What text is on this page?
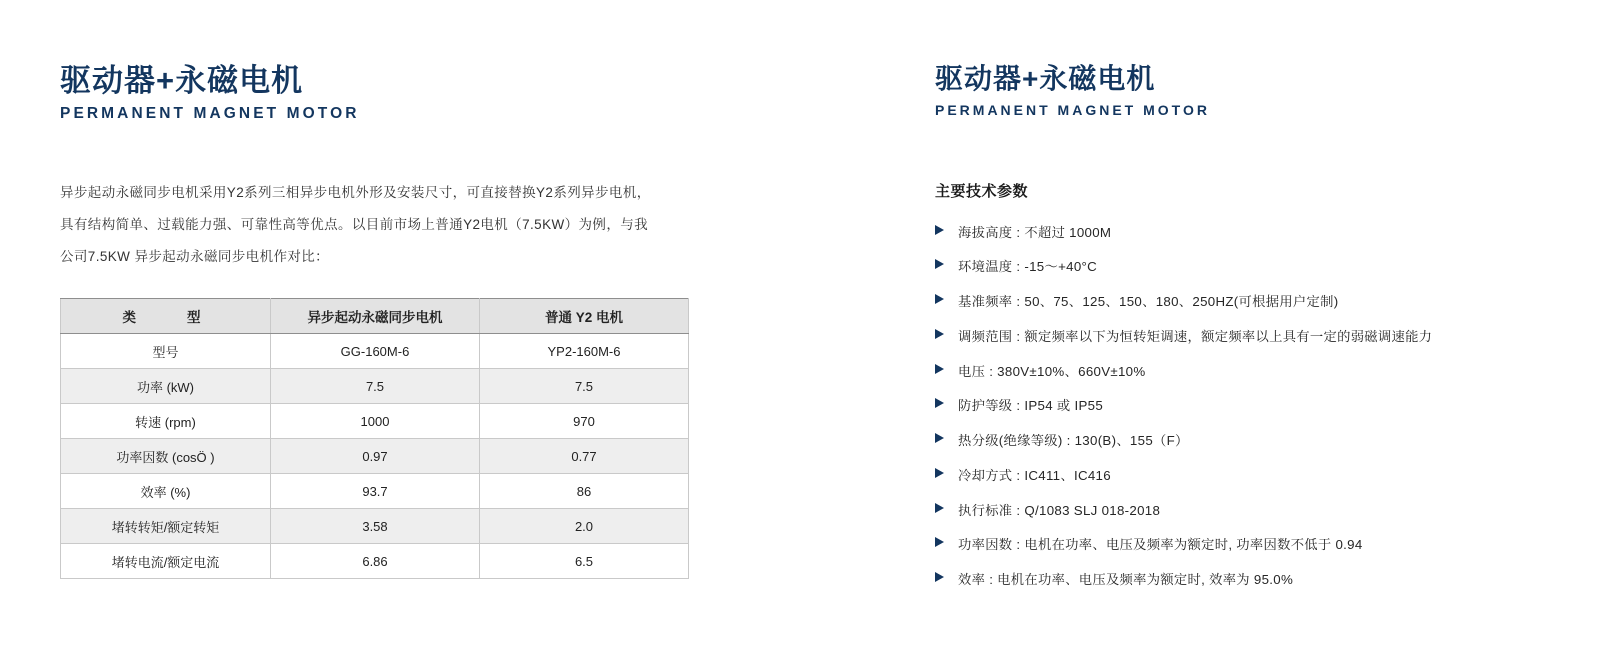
驱动器+永磁电机
PERMANENT MAGNET MOTOR

异步起动永磁同步电机采用Y2系列三相异步电机外形及安装尺寸，可直接替换Y2系列异步电机，具有结构简单、过载能力强、可靠性高等优点。以目前市场上普通Y2电机（7.5KW）为例，与我公司7.5KW 异步起动永磁同步电机作对比：

类　　型	异步起动永磁同步电机	普通 Y2 电机
型号	GG-160M-6	YP2-160M-6
功率 (kW)	7.5	7.5
转速 (rpm)	1000	970
功率因数 (cosÖ )	0.97	0.77
效率 (%)	93.7	86
堵转转矩/额定转矩	3.58	2.0
堵转电流/额定电流	6.86	6.5
驱动器+永磁电机
PERMANENT MAGNET MOTOR
主要技术参数
海拔高度 : 不超过 1000M
环境温度 : -15～+40°C
基准频率 : 50、75、125、150、180、250HZ(可根据用户定制)
调频范围 : 额定频率以下为恒转矩调速，额定频率以上具有一定的弱磁调速能力
电压 : 380V±10%、660V±10%
防护等级 : IP54 或 IP55
热分级(绝缘等级) : 130(B)、155（F）
冷却方式 : IC411、IC416
执行标准 : Q/1083 SLJ 018-2018
功率因数 : 电机在功率、电压及频率为额定时, 功率因数不低于 0.94
效率 : 电机在功率、电压及频率为额定时, 效率为 95.0%
